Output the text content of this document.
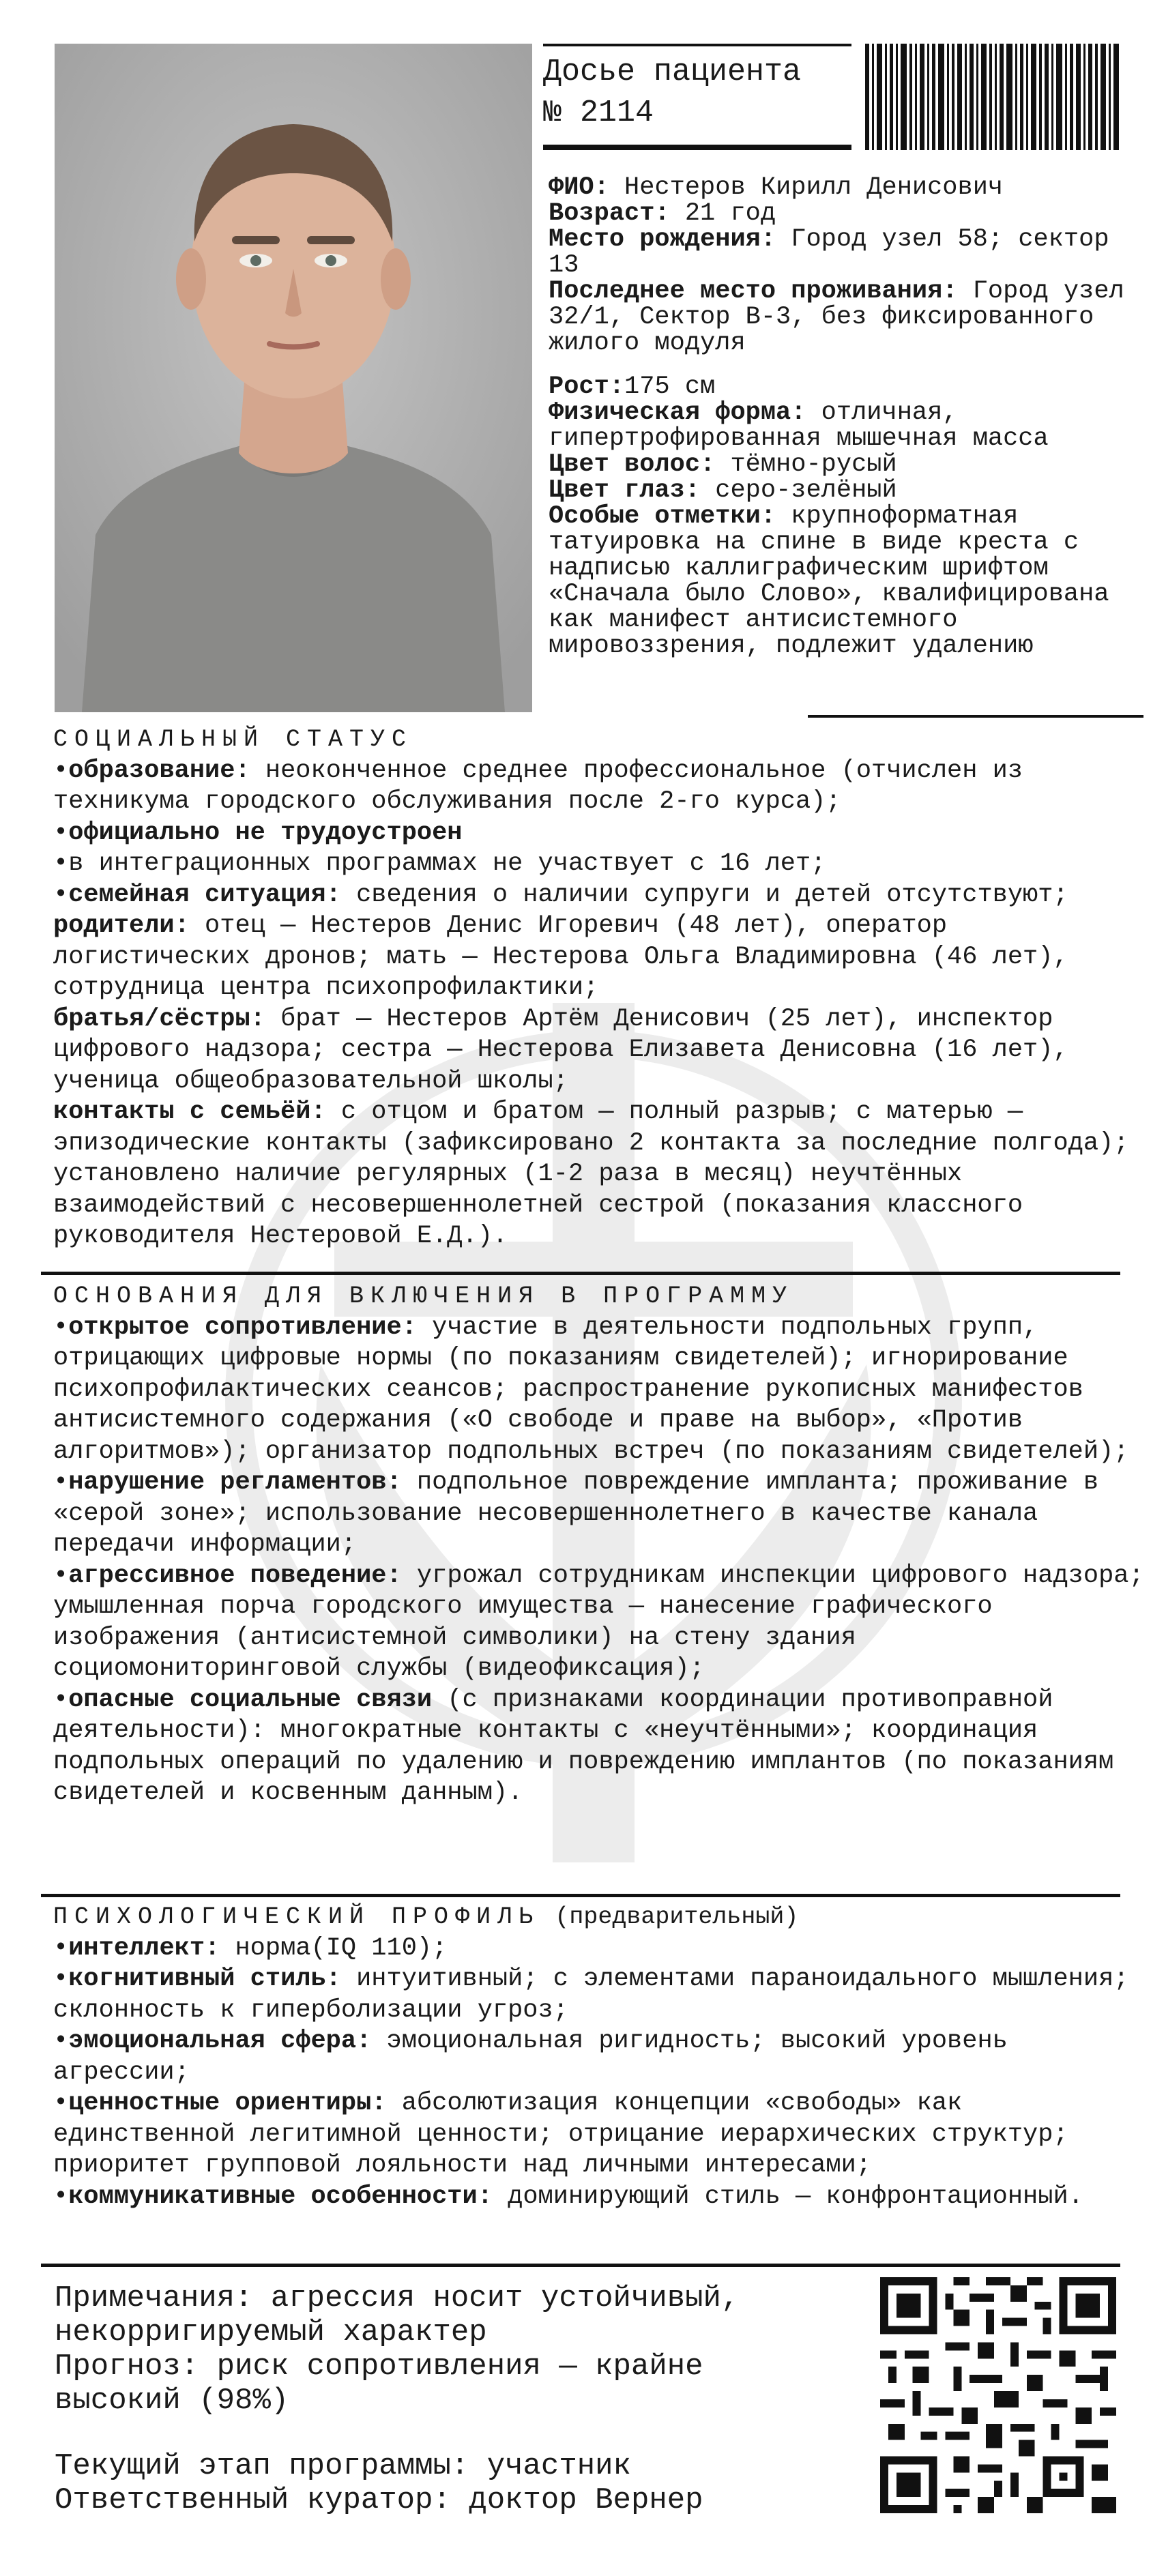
Досье пациента
№ 2114

ФИО: Нестеров Кирилл Денисович

Возраст: 21 год

Место рождения: Город узел 58; сектор 13

Последнее место проживания: Город узел 32/1, Сектор В-3, без фиксированного жилого модуля

Рост:175 см

Физическая форма: отличная, гипертрофированная мышечная масса

Цвет волос: тёмно-русый

Цвет глаз: серо-зелёный

Особые отметки: крупноформатная татуировка на спине в виде креста с надписью каллиграфическим шрифтом «Сначала было Слово», квалифицирована как манифест антисистемного мировоззрения, подлежит удалению

СОЦИАЛЬНЫЙ СТАТУС

•образование: неоконченное среднее профессиональное (отчислен из техникума городского обслуживания после 2-го курса);

•официально не трудоустроен

•в интеграционных программах не участвует с 16 лет;

•семейная ситуация: сведения о наличии супруги и детей отсутствуют;

родители: отец — Нестеров Денис Игоревич (48 лет), оператор логистических дронов; мать — Нестерова Ольга Владимировна (46 лет), сотрудница центра психопрофилактики;

братья/сёстры: брат — Нестеров Артём Денисович (25 лет), инспектор цифрового надзора; сестра — Нестерова Елизавета Денисовна (16 лет), ученица общеобразовательной школы;

контакты с семьёй: с отцом и братом — полный разрыв; с матерью — эпизодические контакты (зафиксировано 2 контакта за последние полгода); установлено наличие регулярных (1-2 раза в месяц) неучтённых взаимодействий с несовершеннолетней сестрой (показания классного руководителя Нестеровой Е.Д.).

ОСНОВАНИЯ ДЛЯ ВКЛЮЧЕНИЯ В ПРОГРАММУ

•открытое сопротивление: участие в деятельности подпольных групп, отрицающих цифровые нормы (по показаниям свидетелей); игнорирование психопрофилактических сеансов; распространение рукописных манифестов антисистемного содержания («О свободе и праве на выбор», «Против алгоритмов»); организатор подпольных встреч (по показаниям свидетелей);

•нарушение регламентов: подпольное повреждение импланта; проживание в «серой зоне»; использование несовершеннолетнего в качестве канала передачи информации;

•агрессивное поведение: угрожал сотрудникам инспекции цифрового надзора; умышленная порча городского имущества — нанесение графического изображения (антисистемной символики) на стену здания социомониторинговой службы (видеофиксация);

•опасные социальные связи (с признаками координации противоправной деятельности): многократные контакты с «неучтёнными»; координация подпольных операций по удалению и повреждению имплантов (по показаниям свидетелей и косвенным данным).

ПСИХОЛОГИЧЕСКИЙ ПРОФИЛЬ (предварительный)

•интеллект: норма(IQ 110);

•когнитивный стиль: интуитивный; с элементами параноидального мышления; склонность к гиперболизации угроз;

•эмоциональная сфера: эмоциональная ригидность; высокий уровень агрессии;

•ценностные ориентиры: абсолютизация концепции «свободы» как единственной легитимной ценности; отрицание иерархических структур; приоритет групповой лояльности над личными интересами;

•коммуникативные особенности: доминирующий стиль — конфронтационный.

Примечания: агрессия носит устойчивый, некорригируемый характер

Прогноз: риск сопротивления — крайне высокий (98%)

Текущий этап программы: участник

Ответственный куратор: доктор Вернер
